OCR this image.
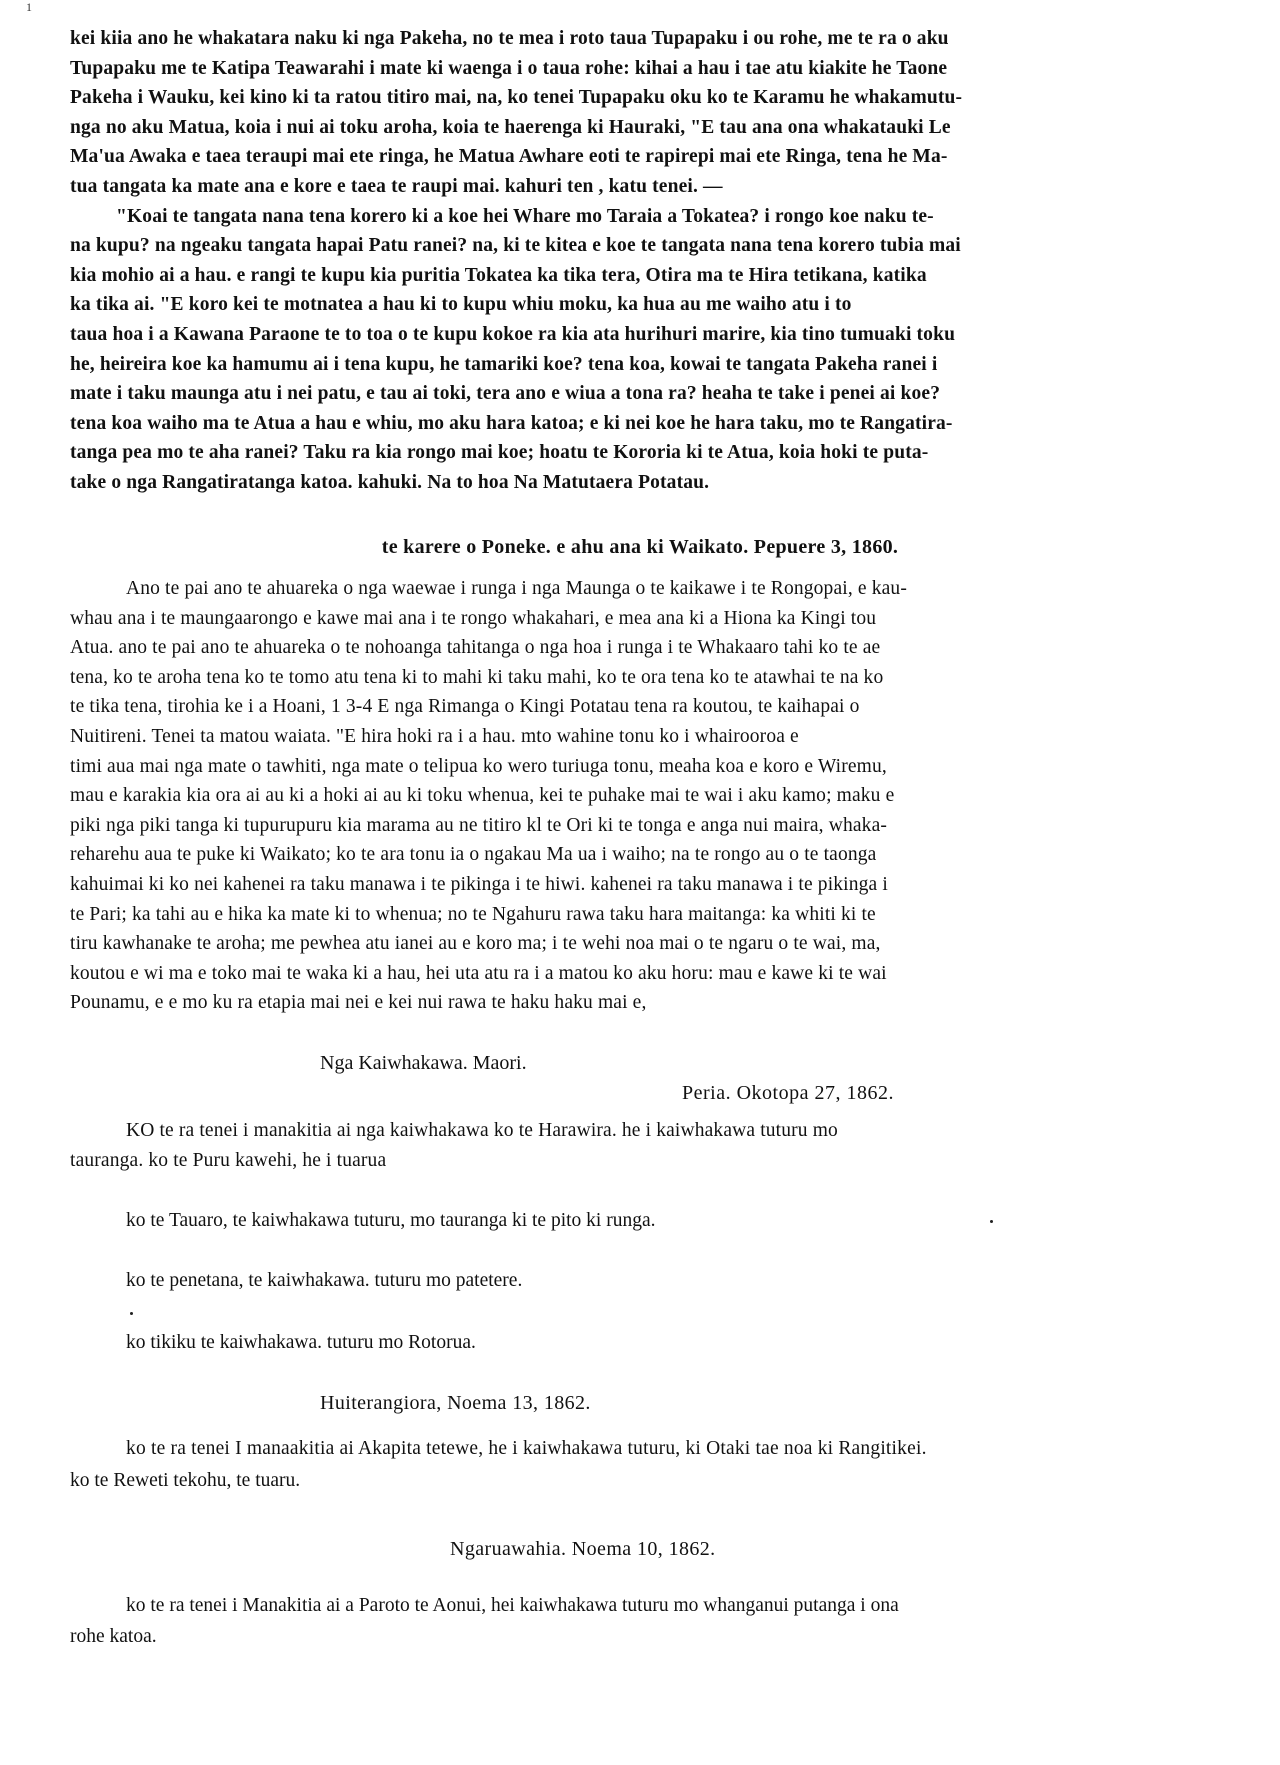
1

kei kiia ano he whakatara naku ki nga Pakeha, no te mea i roto taua Tupapaku i ou rohe, me te ra o aku
Tupapaku me te Katipa Teawarahi i mate ki waenga i o taua rohe: kihai a hau i tae atu kiakite he Taone
Pakeha i Wauku, kei kino ki ta ratou titiro mai, na, ko tenei Tupapaku oku ko te Karamu he whakamutu-
nga no aku Matua, koia i nui ai toku aroha, koia te haerenga ki Hauraki, "E tau ana ona whakatauki Le
Ma'ua Awaka e taea teraupi mai ete ringa, he Matua Awhare eoti te rapirepi mai ete Ringa, tena he Ma-
tua tangata ka mate ana e kore e taea te raupi mai. kahuri ten , katu tenei. —
"Koai te tangata nana tena korero ki a koe hei Whare mo Taraia a Tokatea? i rongo koe naku te-
na kupu? na ngeaku tangata hapai Patu ranei? na, ki te kitea e koe te tangata nana tena korero tubia mai
kia mohio ai a hau. e rangi te kupu kia puritia Tokatea ka tika tera, Otira ma te Hira tetikana, katika
ka tika ai. "E koro kei te motnatea a hau ki to kupu whiu moku, ka hua au me waiho atu i to
taua hoa i a Kawana Paraone te to toa o te kupu kokoe ra kia ata hurihuri marire, kia tino tumuaki toku
he, heireira koe ka hamumu ai i tena kupu, he tamariki koe? tena koa, kowai te tangata Pakeha ranei i
mate i taku maunga atu i nei patu, e tau ai toki, tera ano e wiua a tona ra? heaha te take i penei ai koe?
tena koa waiho ma te Atua a hau e whiu, mo aku hara katoa; e ki nei koe he hara taku, mo te Rangatira-
tanga pea mo te aha ranei? Taku ra kia rongo mai koe; hoatu te Kororia ki te Atua, koia hoki te puta-
take o nga Rangatiratanga katoa. kahuki. Na to hoa Na Matutaera Potatau.

te karere o Poneke. e ahu ana ki Waikato. Pepuere 3, 1860.

Ano te pai ano te ahuareka o nga waewae i runga i nga Maunga o te kaikawe i te Rongopai, e kau-
whau ana i te maungaarongo e kawe mai ana i te rongo whakahari, e mea ana ki a Hiona ka Kingi tou
Atua. ano te pai ano te ahuareka o te nohoanga tahitanga o nga hoa i runga i te Whakaaro tahi ko te ae
tena, ko te aroha tena ko te tomo atu tena ki to mahi ki taku mahi, ko te ora tena ko te atawhai te na ko
te tika tena, tirohia ke i a Hoani, 1 3-4 E nga Rimanga o Kingi Potatau tena ra koutou, te kaihapai o
Nuitireni. Tenei ta matou waiata. "E hira hoki ra i a hau. mto wahine tonu ko i whairooroa e
timi aua mai nga mate o tawhiti, nga mate o telipua ko wero turiuga tonu, meaha koa e koro e Wiremu,
mau e karakia kia ora ai au ki a hoki ai au ki toku whenua, kei te puhake mai te wai i aku kamo; maku e
piki nga piki tanga ki tupurupuru kia marama au ne titiro kl te Ori ki te tonga e anga nui maira, whaka-
reharehu aua te puke ki Waikato; ko te ara tonu ia o ngakau Ma ua i waiho; na te rongo au o te taonga
kahuimai ki ko nei kahenei ra taku manawa i te pikinga i te hiwi. kahenei ra taku manawa i te pikinga i
te Pari; ka tahi au e hika ka mate ki to whenua; no te Ngahuru rawa taku hara maitanga: ka whiti ki te
tiru kawhanake te aroha; me pewhea atu ianei au e koro ma; i te wehi noa mai o te ngaru o te wai, ma,
koutou e wi ma e toko mai te waka ki a hau, hei uta atu ra i a matou ko aku horu: mau e kawe ki te wai
Pounamu, e e mo ku ra etapia mai nei e kei nui rawa te haku haku mai e,

Nga Kaiwhakawa. Maori.
Peria. Okotopa 27, 1862.

KO te ra tenei i manakitia ai nga kaiwhakawa ko te Harawira. he i kaiwhakawa tuturu mo
tauranga. ko te Puru kawehi, he i tuarua

ko te Tauaro, te kaiwhakawa tuturu, mo tauranga ki te pito ki runga.
ko te penetana, te kaiwhakawa. tuturu mo patetere.
ko tikiku te kaiwhakawa. tuturu mo Rotorua.
Huiterangiora, Noema 13, 1862.
ko te ra tenei I manaakitia ai Akapita tetewe, he i kaiwhakawa tuturu, ki Otaki tae noa ki Rangitikei.
ko te Reweti tekohu, te tuaru.
Ngaruawahia. Noema 10, 1862.
ko te ra tenei i Manakitia ai a Paroto te Aonui, hei kaiwhakawa tuturu mo whanganui putanga i ona
rohe katoa.
